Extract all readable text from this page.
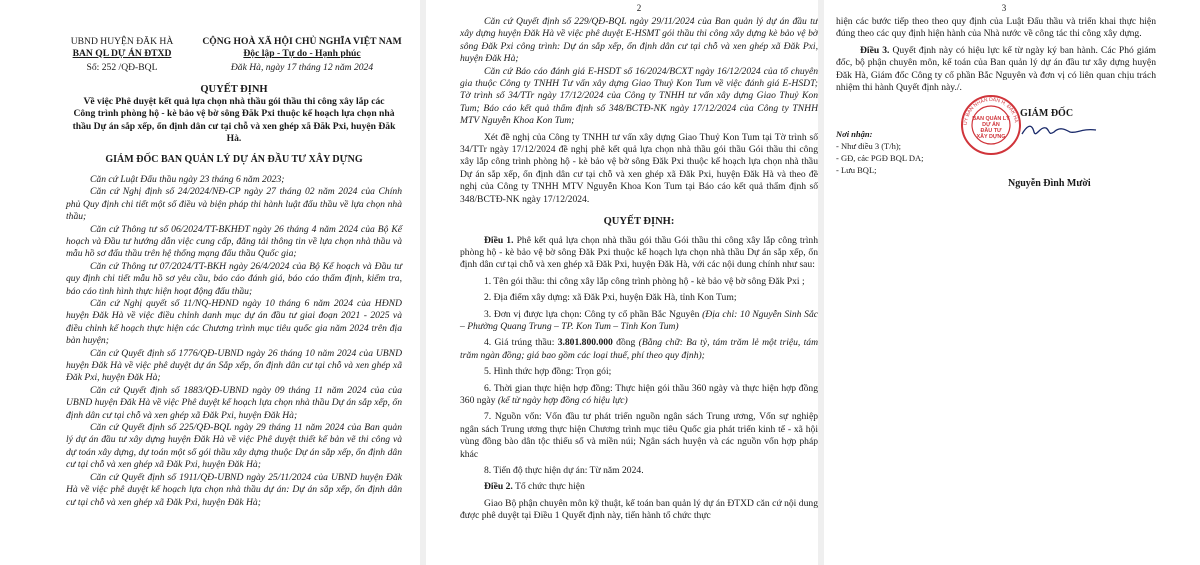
UBND HUYỆN ĐĂK HÀ
BAN QL DỰ ÁN ĐTXD
Số: 252 /QĐ-BQL
CỘNG HOÀ XÃ HỘI CHỦ NGHĨA VIỆT NAM
Độc lập - Tự do - Hạnh phúc
Đăk Hà, ngày 17 tháng 12 năm 2024

QUYẾT ĐỊNH

Về việc Phê duyệt kết quả lựa chọn nhà thầu gói thầu thi công xây lắp các Công trình phòng hộ - kè bảo vệ bờ sông Đăk Pxi thuộc kế hoạch lựa chọn nhà thầu Dự án sắp xếp, ổn định dân cư tại chỗ và xen ghép xã Đăk Pxi, huyện Đăk Hà.

GIÁM ĐỐC BAN QUẢN LÝ DỰ ÁN ĐẦU TƯ XÂY DỰNG

Căn cứ Luật Đấu thầu ngày 23 tháng 6 năm 2023;

Căn cứ Nghị định số 24/2024/NĐ-CP ngày 27 tháng 02 năm 2024 của Chính phủ Quy định chi tiết một số điều và biện pháp thi hành luật đấu thầu về lựa chọn nhà thầu;

Căn cứ Thông tư số 06/2024/TT-BKHĐT ngày 26 tháng 4 năm 2024 của Bộ Kế hoạch và Đầu tư hướng dẫn việc cung cấp, đăng tải thông tin về lựa chọn nhà thầu và mẫu hồ sơ đấu thầu trên hệ thống mạng đấu thầu Quốc gia;

Căn cứ Thông tư 07/2024/TT-BKH ngày 26/4/2024 của Bộ Kế hoạch và Đầu tư quy định chi tiết mẫu hồ sơ yêu cầu, báo cáo đánh giá, báo cáo thẩm định, kiểm tra, báo cáo tình hình thực hiện hoạt động đấu thầu;

Căn cứ Nghị quyết số 11/NQ-HĐND ngày 10 tháng 6 năm 2024 của HĐND huyện Đăk Hà về việc điều chỉnh danh mục dự án đầu tư giai đoạn 2021 - 2025 và điều chỉnh kế hoạch thực hiện các Chương trình mục tiêu quốc gia năm 2024 trên địa bàn huyện;

Căn cứ Quyết định số 1776/QĐ-UBND ngày 26 tháng 10 năm 2024 của UBND huyện Đăk Hà về việc phê duyệt dự án Sắp xếp, ổn định dân cư tại chỗ và xen ghép xã Đăk Pxi, huyện Đăk Hà;

Căn cứ Quyết định số 1883/QĐ-UBND ngày 09 tháng 11 năm 2024 của của UBND huyện Đăk Hà về việc Phê duyệt kế hoạch lựa chọn nhà thầu Dự án sắp xếp, ổn định dân cư tại chỗ và xen ghép xã Đăk Pxi, huyện Đăk Hà;

Căn cứ Quyết định số 225/QĐ-BQL ngày 29 tháng 11 năm 2024 của Ban quản lý dự án đầu tư xây dựng huyện Đăk Hà về việc Phê duyệt thiết kế bản vẽ thi công và dự toán xây dựng, dự toán một số gói thầu xây dựng thuộc Dự án sắp xếp, ổn định dân cư tại chỗ và xen ghép xã Đăk Pxi, huyện Đăk Hà;

Căn cứ Quyết định số 1911/QĐ-UBND ngày 25/11/2024 của UBND huyện Đăk Hà về việc phê duyệt kế hoạch lựa chọn nhà thầu dự án: Dự án sắp xếp, ổn định dân cư tại chỗ và xen ghép xã Đăk Pxi, huyện Đăk Hà;

2

Căn cứ Quyết định số 229/QĐ-BQL ngày 29/11/2024 của Ban quản lý dự án đầu tư xây dựng huyện Đăk Hà về việc phê duyệt E-HSMT gói thầu thi công xây dựng kè bảo vệ bờ sông Đăk Pxi công trình: Dự án sắp xếp, ổn định dân cư tại chỗ và xen ghép xã Đăk Pxi, huyện Đăk Hà;

Căn cứ Báo cáo đánh giá E-HSDT số 16/2024/BCXT ngày 16/12/2024 của tổ chuyên gia thuộc Công ty TNHH Tư vấn xây dựng Giao Thuỷ Kon Tum về việc đánh giá E-HSDT; Tờ trình số 34/TTr ngày 17/12/2024 của Công ty TNHH tư vấn xây dựng Giao Thuỷ Kon Tum; Báo cáo kết quả thẩm định số 348/BCTĐ-NK ngày 17/12/2024 của Công ty TNHH MTV Nguyễn Khoa Kon Tum;

Xét đề nghị của Công ty TNHH tư vấn xây dựng Giao Thuỷ Kon Tum tại Tờ trình số 34/TTr ngày 17/12/2024 đề nghị phê kết quả lựa chọn nhà thầu gói thầu Gói thầu thi công xây lắp công trình phòng hộ - kè bảo vệ bờ sông Đăk Pxi thuộc kế hoạch lựa chọn nhà thầu Dự án sắp xếp, ổn định dân cư tại chỗ và xen ghép xã Đăk Pxi, huyện Đăk Hà và theo đề nghị của Công ty TNHH MTV Nguyễn Khoa Kon Tum tại Báo cáo kết quả thẩm định số 348/BCTĐ-NK ngày 17/12/2024.

QUYẾT ĐỊNH:

Điều 1. Phê kết quả lựa chọn nhà thầu gói thầu Gói thầu thi công xây lắp công trình phòng hộ - kè bảo vệ bờ sông Đăk Pxi thuộc kế hoạch lựa chọn nhà thầu Dự án sắp xếp, ổn định dân cư tại chỗ và xen ghép xã Đăk Pxi, huyện Đăk Hà, với các nội dung chính như sau:

1. Tên gói thầu: thi công xây lắp công trình phòng hộ - kè bảo vệ bờ sông Đăk Pxi ;

2. Địa điểm xây dựng: xã Đăk Pxi, huyện Đăk Hà, tỉnh Kon Tum;

3. Đơn vị được lựa chọn: Công ty cổ phần Bắc Nguyên (Địa chỉ: 10 Nguyễn Sinh Sắc – Phường Quang Trung – TP. Kon Tum – Tỉnh Kon Tum)

4. Giá trúng thầu: 3.801.800.000 đồng (Bằng chữ: Ba tỷ, tám trăm lẻ một triệu, tám trăm ngàn đồng; giá bao gồm các loại thuế, phí theo quy định);

5. Hình thức hợp đồng: Trọn gói;

6. Thời gian thực hiện hợp đồng: Thực hiện gói thầu 360 ngày và thực hiện hợp đồng 360 ngày (kể từ ngày hợp đồng có hiệu lực)

7. Nguồn vốn: Vốn đầu tư phát triển nguồn ngân sách Trung ương, Vốn sự nghiệp ngân sách Trung ương thực hiện Chương trình mục tiêu Quốc gia phát triển kinh tế - xã hội vùng đồng bào dân tộc thiểu số và miền núi; Ngân sách huyện và các nguồn vốn hợp pháp khác

8. Tiến độ thực hiện dự án: Từ năm 2024.

Điều 2. Tổ chức thực hiện

Giao Bộ phận chuyên môn kỹ thuật, kế toán ban quản lý dự án ĐTXD căn cứ nội dung được phê duyệt tại Điều 1 Quyết định này, tiến hành tổ chức thực

3

hiện các bước tiếp theo theo quy định của Luật Đấu thầu và triển khai thực hiện đúng theo các quy định hiện hành của Nhà nước về công tác thi công xây dựng.

Điều 3. Quyết định này có hiệu lực kể từ ngày ký ban hành. Các Phó giám đốc, bộ phận chuyên môn, kế toán của Ban quản lý dự án đầu tư xây dựng huyện Đăk Hà, Giám đốc Công ty cổ phần Bắc Nguyên và đơn vị có liên quan chịu trách nhiệm thi hành Quyết định này./.

Nơi nhận:
- Như điều 3 (T/h);
- GĐ, các PGĐ BQL DA;
- Lưu BQL;
GIÁM ĐỐC
ỦY BAN NHÂN DÂN H. ĐĂK HÀ
BAN QUẢN LÝ
DỰ ÁN
ĐẦU TƯ
XÂY DỰNG
Nguyễn Đình Mười
